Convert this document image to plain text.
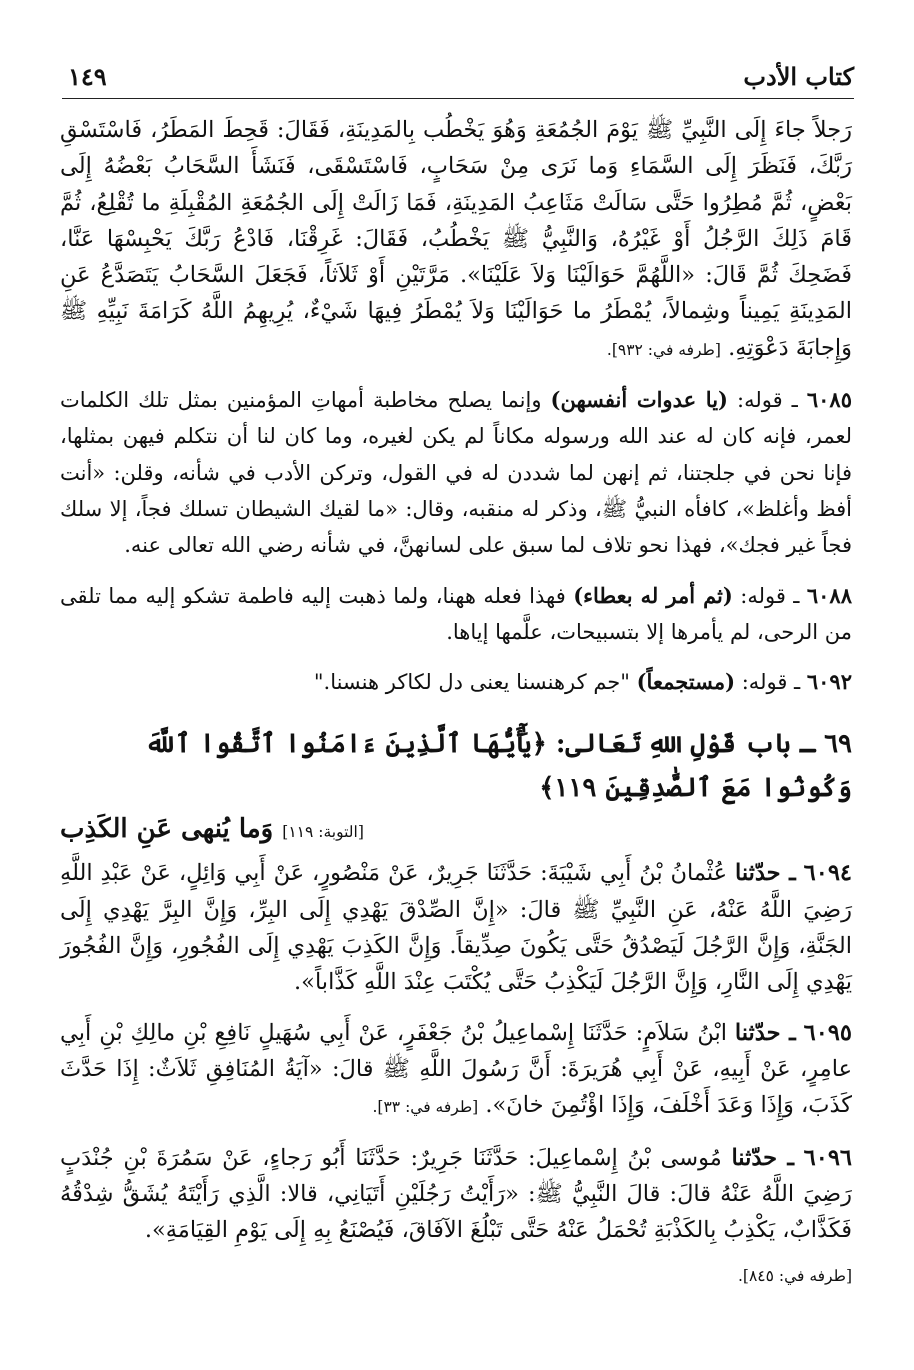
كتاب الأدب
١٤٩

رَجلاً جاءَ إِلَى النَّبِيِّ ﷺ يَوْمَ الجُمُعَةِ وَهُوَ يَخْطُب بِالمَدِينَةِ، فَقَالَ: قَحِطَ المَطَرُ، فَاسْتَسْقِ رَبَّكَ، فَنَظَرَ إِلَى السَّمَاءِ وَما نَرَى مِنْ سَحَابٍ، فَاسْتَسْقَى، فَنَشَأَ السَّحَابُ بَعْضُهُ إِلَى بَعْضٍ، ثُمَّ مُطِرُوا حَتَّى سَالَتْ مَثَاعِبُ المَدِينَةِ، فَمَا زَالَتْ إِلَى الجُمُعَةِ المُقْبِلَةِ ما تُقْلِعُ، ثُمَّ قَامَ ذَلِكَ الرَّجُلُ أَوْ غَيْرُهُ، وَالنَّبِيُّ ﷺ يَخْطُبُ، فَقَالَ: غَرِقْنَا، فَادْعُ رَبَّكَ يَحْبِسْهَا عَنَّا، فَضَحِكَ ثُمَّ قَالَ: «اللَّهُمَّ حَوَالَيْنَا وَلاَ عَلَيْنَا». مَرَّتَيْنِ أَوْ ثَلاَثاً، فَجَعَلَ السَّحَابُ يَتَصَدَّعُ عَنِ المَدِينَةِ يَمِيناً وشِمالاً، يُمْطَرُ ما حَوَالَيْنَا وَلاَ يُمْطَرُ فِيهَا شَيْءٌ، يُرِيهِمُ اللَّهُ كَرَامَةَ نَبِيِّهِ ﷺ وَإِجابَةَ دَعْوَتِهِ. [طرفه في: ٩٣٢].

٦٠٨٥ ـ قوله: (يا عدوات أنفسهن) وإنما يصلح مخاطبة أمهاتِ المؤمنين بمثل تلك الكلمات لعمر، فإنه كان له عند الله ورسوله مكاناً لم يكن لغيره، وما كان لنا أن نتكلم فيهن بمثلها، فإنا نحن في جلجتنا، ثم إنهن لما شددن له في القول، وتركن الأدب في شأنه، وقلن: «أنت أفظ وأغلظ»، كافأه النبيُّ ﷺ، وذكر له منقبه، وقال: «ما لقيك الشيطان تسلك فجاً، إلا سلك فجاً غير فجك»، فهذا نحو تلاف لما سبق على لسانهنَّ، في شأنه رضي الله تعالى عنه.

٦٠٨٨ ـ قوله: (ثم أمر له بعطاء) فهذا فعله ههنا، ولما ذهبت إليه فاطمة تشكو إليه مما تلقى من الرحى، لم يأمرها إلا بتسبيحات، علَّمها إياها.

٦٠٩٢ ـ قوله: (مستجمعاً) "جم كرهنسنا يعنى دل لكاكر هنسنا."

٦٩ ـ باب قَوْلِ اللهِ تَعَالى: ﴿يَٰٓأَيُّهَا ٱلَّذِينَ ءَامَنُوا ٱتَّقُوا ٱللَّهَ وَكُونُوا مَعَ ٱلصَّٰدِقِينَ ١١٩﴾
[التوبة: ١١٩] وَما يُنهى عَنِ الكَذِب

٦٠٩٤ ـ حدّثنا عُثْمانُ بْنُ أَبِي شَيْبَةَ: حَدَّثَنَا جَرِيرٌ، عَنْ مَنْصُورٍ، عَنْ أَبِي وَائِلٍ، عَنْ عَبْدِ اللَّهِ رَضِيَ اللَّهُ عَنْهُ، عَنِ النَّبِيِّ ﷺ قالَ: «إِنَّ الصِّدْقَ يَهْدِي إِلَى البِرِّ، وَإِنَّ البِرَّ يَهْدِي إِلَى الجَنَّةِ، وَإِنَّ الرَّجُلَ لَيَصْدُقُ حَتَّى يَكُونَ صِدِّيقاً. وَإِنَّ الكَذِبَ يَهْدِي إِلَى الفُجُورِ، وَإِنَّ الفُجُورَ يَهْدِي إِلَى النَّارِ، وَإِنَّ الرَّجُلَ لَيَكْذِبُ حَتَّى يُكْتَبَ عِنْدَ اللَّهِ كَذَّاباً».

٦٠٩٥ ـ حدّثنا ابْنُ سَلاَمٍ: حَدَّثَنَا إِسْماعِيلُ بْنُ جَعْفَرٍ، عَنْ أَبِي سُهَيلٍ نَافِعِ بْنِ مالِكِ بْنِ أَبِي عامِرٍ، عَنْ أَبِيهِ، عَنْ أَبِي هُرَيرَةَ: أَنَّ رَسُولَ اللَّهِ ﷺ قالَ: «آيَةُ المُنَافِقِ ثَلاَثٌ: إِذَا حَدَّثَ كَذَبَ، وَإِذَا وَعَدَ أَخْلَفَ، وَإِذَا اؤْتُمِنَ خانَ». [طرفه في: ٣٣].

٦٠٩٦ ـ حدّثنا مُوسى بْنُ إِسْماعِيلَ: حَدَّثَنَا جَرِيرٌ: حَدَّثَنَا أَبُو رَجاءٍ، عَنْ سَمُرَةَ بْنِ جُنْدَبٍ رَضِيَ اللَّهُ عَنْهُ قالَ: قالَ النَّبِيُّ ﷺ: «رَأَيْتُ رَجُلَيْنِ أَتَيَانِي، قالا: الَّذِي رَأَيْتَهُ يُشَقُّ شِدْقُهُ فَكَذَّابٌ، يَكْذِبُ بِالكَذْبَةِ تُحْمَلُ عَنْهُ حَتَّى تَبْلُغَ الآفَاقَ، فَيُصْنَعُ بِهِ إِلَى يَوْمِ القِيَامَةِ».

[طرفه في: ٨٤٥].
